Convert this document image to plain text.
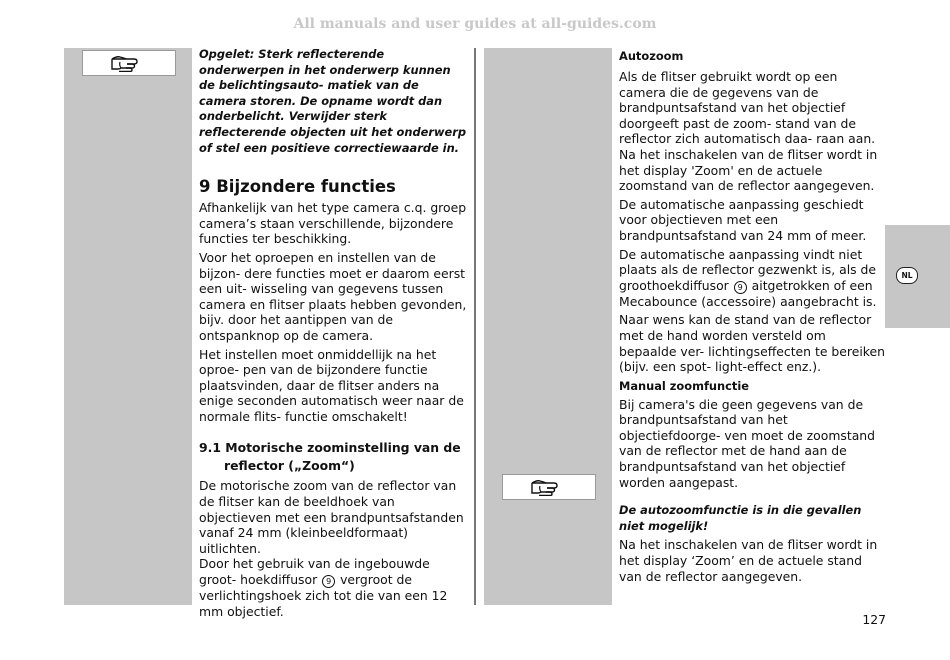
All manuals and user guides at all-guides.com
NL

Opgelet: Sterk reflecterende onderwerpen in het onderwerp kunnen de belichtingsauto- matiek van de camera storen. De opname wordt dan onderbelicht. Verwijder sterk reflecterende objecten uit het onderwerp of stel een positieve correctiewaarde in.

9 Bijzondere functies

Afhankelijk van het type camera c.q. groep camera’s staan verschillende, bijzondere functies ter beschikking.

Voor het oproepen en instellen van de bijzon- dere functies moet er daarom eerst een uit- wisseling van gegevens tussen camera en flitser plaats hebben gevonden, bijv. door het aantippen van de ontspanknop op de camera.

Het instellen moet onmiddellijk na het oproe- pen van de bijzondere functie plaatsvinden, daar de flitser anders na enige seconden automatisch weer naar de normale flits- functie omschakelt!

9.1 Motorische zoominstelling van de
reflector („Zoom“)

De motorische zoom van de reflector van de flitser kan de beeldhoek van objectieven met een brandpuntsafstanden vanaf 24 mm (kleinbeeldformaat) uitlichten.

Door het gebruik van de ingebouwde groot- hoekdiffusor 9 vergroot de verlichtingshoek zich tot die van een 12 mm objectief.

Autozoom

Als de flitser gebruikt wordt op een camera die de gegevens van de brandpuntsafstand van het objectief doorgeeft past de zoom- stand van de reflector zich automatisch daa- raan aan. Na het inschakelen van de flitser wordt in het display 'Zoom' en de actuele zoomstand van de reflector aangegeven.

De automatische aanpassing geschiedt voor objectieven met een brandpuntsafstand van 24 mm of meer.

De automatische aanpassing vindt niet plaats als de reflector gezwenkt is, als de groothoekdiffusor 9 aitgetrokken of een Mecabounce (accessoire) aangebracht is.

Naar wens kan de stand van de reflector met de hand worden versteld om bepaalde ver- lichtingseffecten te bereiken (bijv. een spot- light-effect enz.).

Manual zoomfunctie

Bij camera's die geen gegevens van de brandpuntsafstand van het objectiefdoorge- ven moet de zoomstand van de reflector met de hand aan de brandpuntsafstand van het objectief worden aangepast.

De autozoomfunctie is in die gevallen niet mogelijk!

Na het inschakelen van de flitser wordt in het display ‘Zoom’ en de actuele stand van de reflector aangegeven.

127
